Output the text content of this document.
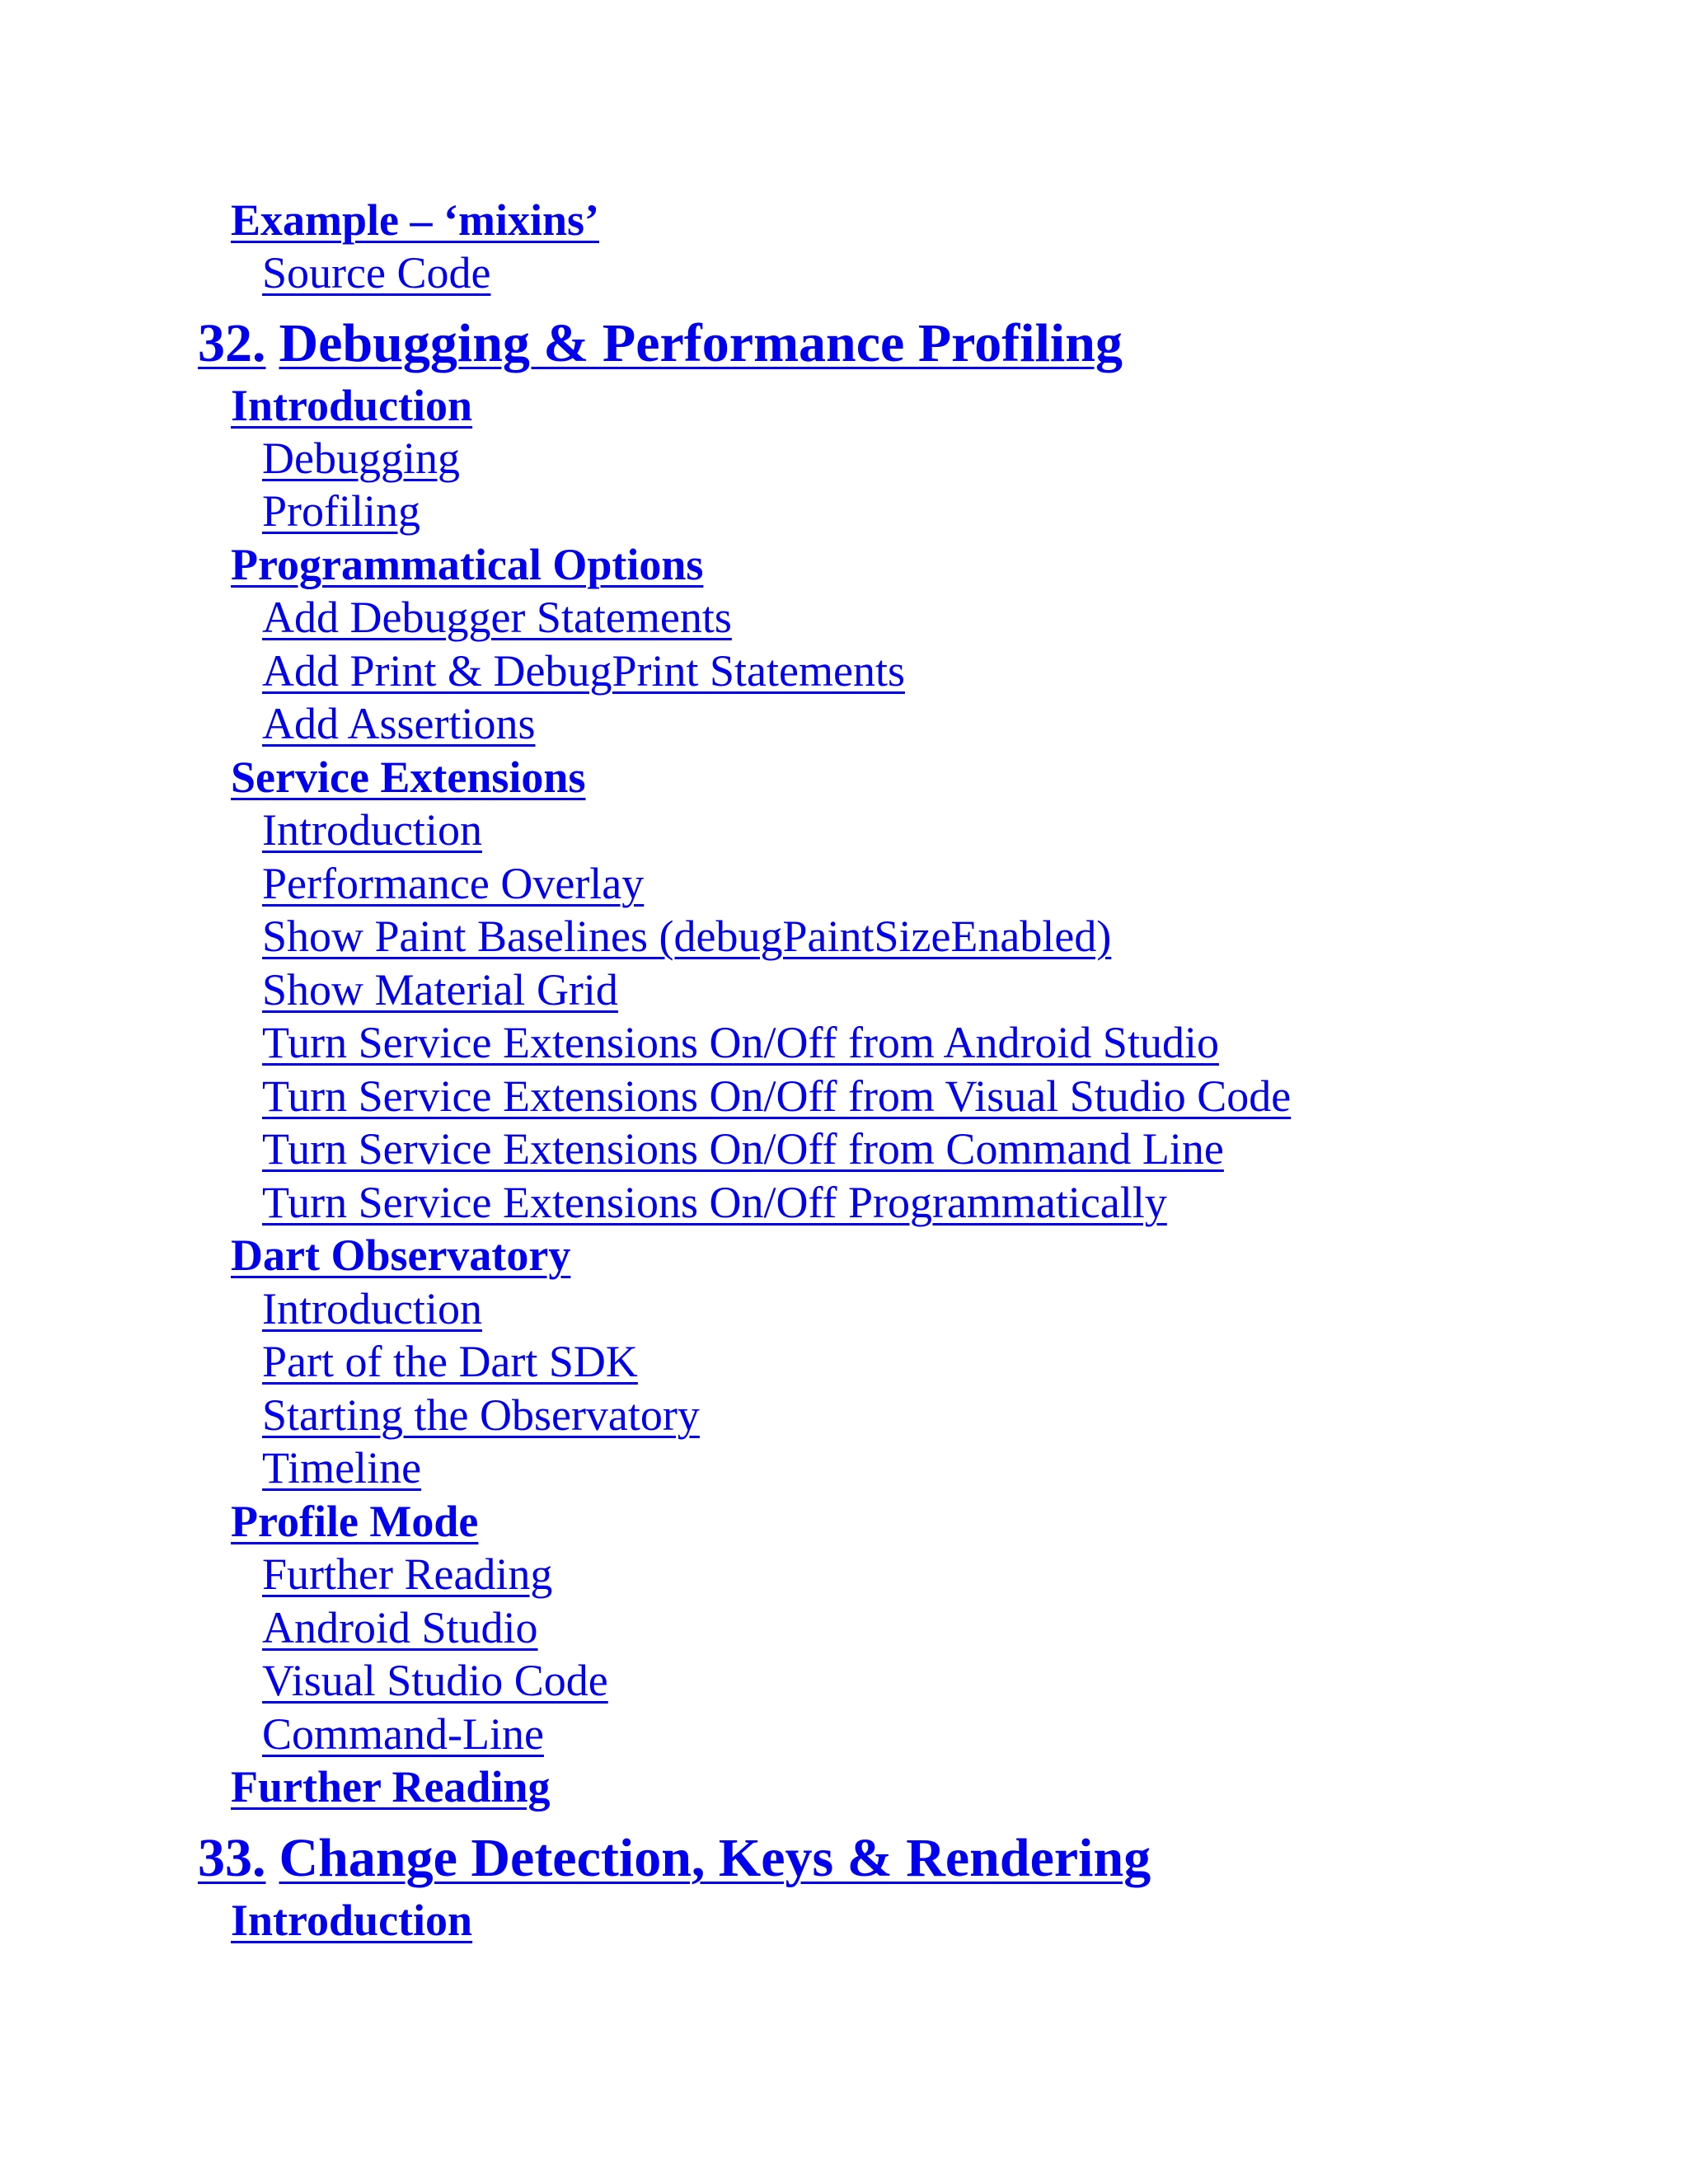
Example – ‘mixins’

Source Code

32. Debugging & Performance Profiling

Introduction

Debugging

Profiling

Programmatical Options

Add Debugger Statements

Add Print & DebugPrint Statements

Add Assertions

Service Extensions

Introduction

Performance Overlay

Show Paint Baselines (debugPaintSizeEnabled)

Show Material Grid

Turn Service Extensions On/Off from Android Studio

Turn Service Extensions On/Off from Visual Studio Code

Turn Service Extensions On/Off from Command Line

Turn Service Extensions On/Off Programmatically

Dart Observatory

Introduction

Part of the Dart SDK

Starting the Observatory

Timeline

Profile Mode

Further Reading

Android Studio

Visual Studio Code

Command-Line

Further Reading

33. Change Detection, Keys & Rendering

Introduction
